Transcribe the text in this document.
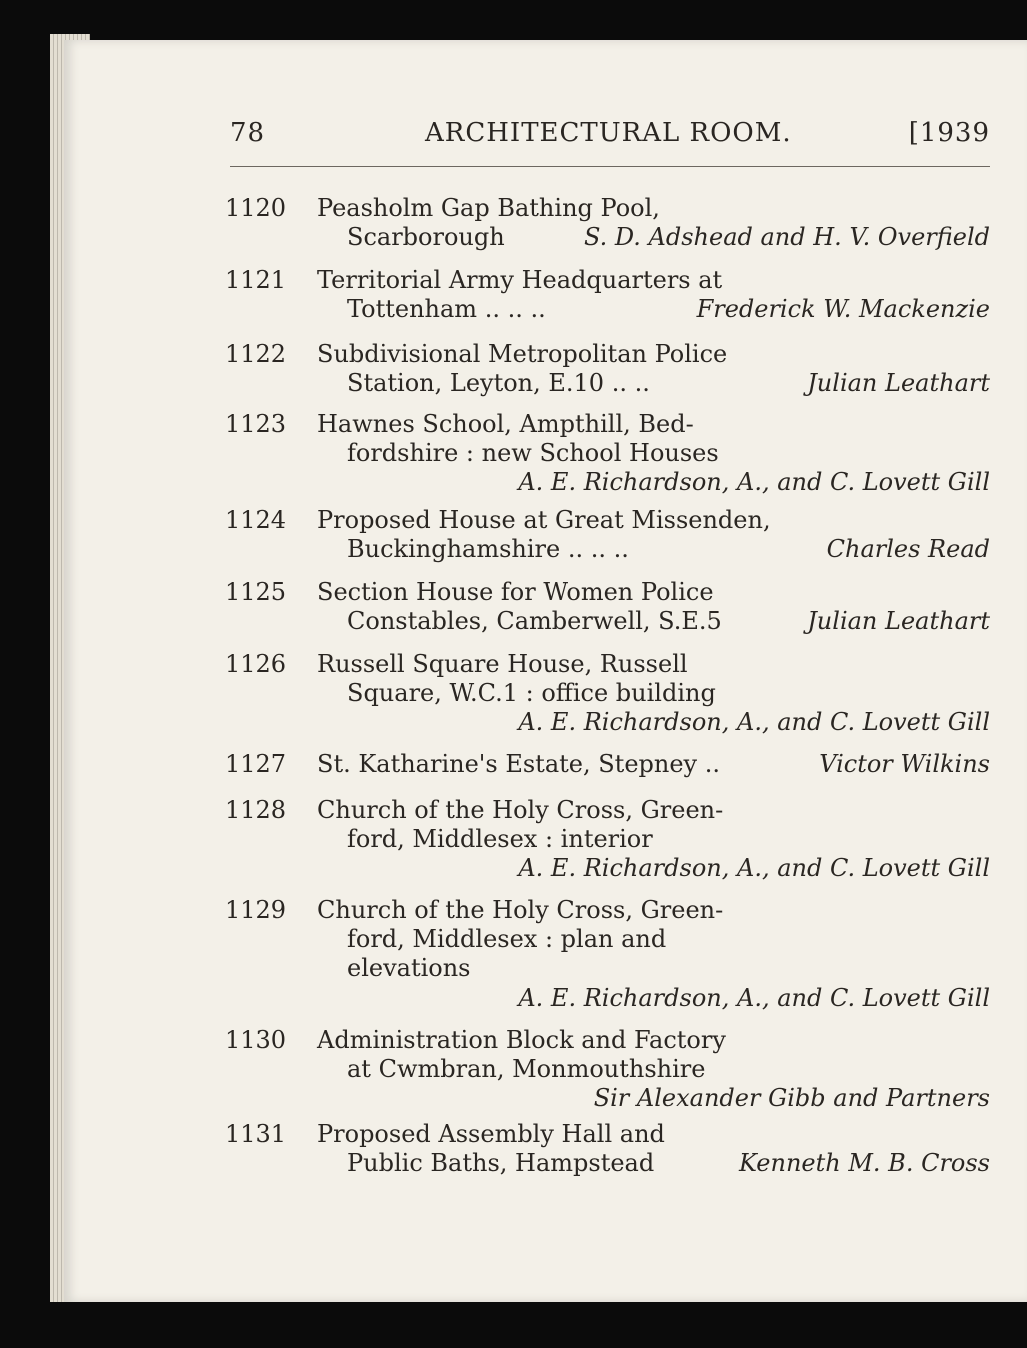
78	ARCHITECTURAL ROOM.	[1939
1120	Peasholm Gap Bathing Pool,
Scarborough	S. D. Adshead and H. V. Overfield
1121	Territorial Army Headquarters at
Tottenham .. .. ..	Frederick W. Mackenzie
1122	Subdivisional Metropolitan Police
Station, Leyton, E.10 .. ..	Julian Leathart
1123	Hawnes School, Ampthill, Bed-
fordshire : new School Houses
A. E. Richardson, A., and C. Lovett Gill
1124	Proposed House at Great Missenden,
Buckinghamshire .. .. ..	Charles Read
1125	Section House for Women Police
Constables, Camberwell, S.E.5	Julian Leathart
1126	Russell Square House, Russell
Square, W.C.1 : office building
A. E. Richardson, A., and C. Lovett Gill
1127	St. Katharine's Estate, Stepney ..	Victor Wilkins
1128	Church of the Holy Cross, Green-
ford, Middlesex : interior
A. E. Richardson, A., and C. Lovett Gill
1129	Church of the Holy Cross, Green-
ford, Middlesex : plan and
elevations
A. E. Richardson, A., and C. Lovett Gill
1130	Administration Block and Factory
at Cwmbran, Monmouthshire
Sir Alexander Gibb and Partners
1131	Proposed Assembly Hall and
Public Baths, Hampstead	Kenneth M. B. Cross
